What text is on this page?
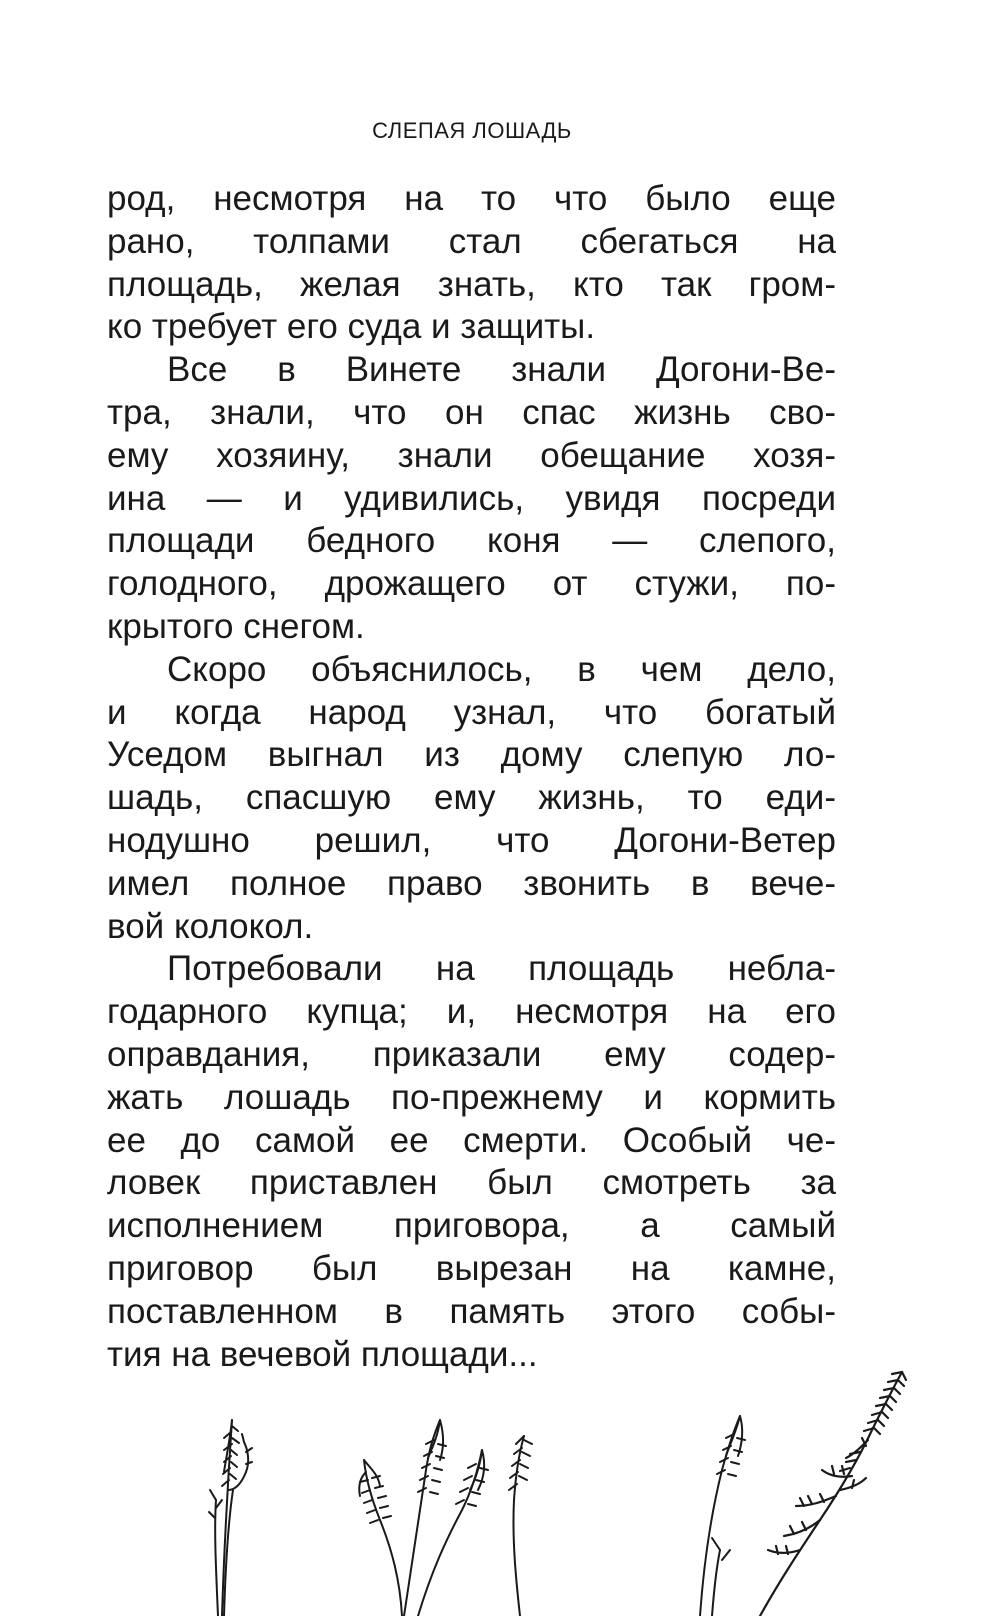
СЛЕПАЯ ЛОШАДЬ
род, несмотря на то что было еще
рано, толпами стал сбегаться на
площадь, желая знать, кто так гром-
ко требует его суда и защиты.
Все в Винете знали Догони-Ве-
тра, знали, что он спас жизнь сво-
ему хозяину, знали обещание хозя-
ина — и удивились, увидя посреди
площади бедного коня — слепого,
голодного, дрожащего от стужи, по-
крытого снегом.
Скоро объяснилось, в чем дело,
и когда народ узнал, что богатый
Уседом выгнал из дому слепую ло-
шадь, спасшую ему жизнь, то еди-
нодушно решил, что Догони-Ветер
имел полное право звонить в вече-
вой колокол.
Потребовали на площадь небла-
годарного купца; и, несмотря на его
оправдания, приказали ему содер-
жать лошадь по-прежнему и кормить
ее до самой ее смерти. Особый че-
ловек приставлен был смотреть за
исполнением приговора, а самый
приговор был вырезан на камне,
поставленном в память этого собы-
тия на вечевой площади...
